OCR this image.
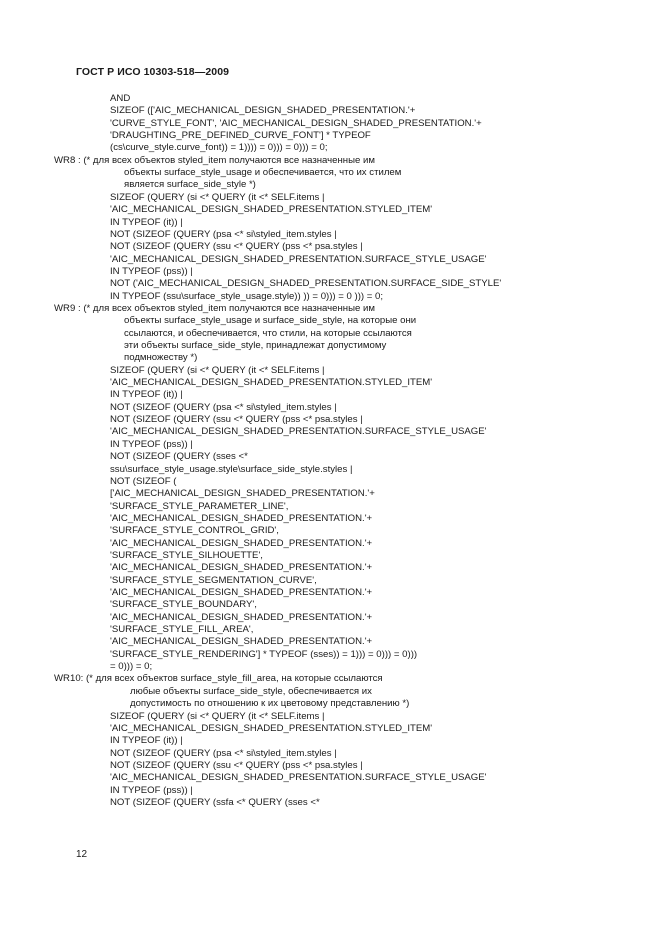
ГОСТ Р ИСО 10303-518—2009
AND
SIZEOF (['AIC_MECHANICAL_DESIGN_SHADED_PRESENTATION.'+
'CURVE_STYLE_FONT', 'AIC_MECHANICAL_DESIGN_SHADED_PRESENTATION.'+
'DRAUGHTING_PRE_DEFINED_CURVE_FONT'] * TYPEOF
(cs\curve_style.curve_font)) = 1)))) = 0))) = 0))) = 0;
WR8 : (* для всех объектов styled_item получаются все назначенные им
объекты surface_style_usage и обеспечивается, что их стилем
является surface_side_style *)
SIZEOF (QUERY (si <* QUERY (it <* SELF.items |
'AIC_MECHANICAL_DESIGN_SHADED_PRESENTATION.STYLED_ITEM'
IN TYPEOF (it)) |
NOT (SIZEOF (QUERY (psa <* si\styled_item.styles |
NOT (SIZEOF (QUERY (ssu <* QUERY (pss <* psa.styles |
'AIC_MECHANICAL_DESIGN_SHADED_PRESENTATION.SURFACE_STYLE_USAGE'
IN TYPEOF (pss)) |
NOT ('AIC_MECHANICAL_DESIGN_SHADED_PRESENTATION.SURFACE_SIDE_STYLE'
IN TYPEOF (ssu\surface_style_usage.style)) )) = 0))) = 0 ))) = 0;
WR9 : (* для всех объектов styled_item получаются все назначенные им
объекты surface_style_usage и surface_side_style, на которые они
ссылаются, и обеспечивается, что стили, на которые ссылаются
эти объекты surface_side_style, принадлежат допустимому
подмножеству *)
SIZEOF (QUERY (si <* QUERY (it <* SELF.items |
'AIC_MECHANICAL_DESIGN_SHADED_PRESENTATION.STYLED_ITEM'
IN TYPEOF (it)) |
NOT (SIZEOF (QUERY (psa <* si\styled_item.styles |
NOT (SIZEOF (QUERY (ssu <* QUERY (pss <* psa.styles |
'AIC_MECHANICAL_DESIGN_SHADED_PRESENTATION.SURFACE_STYLE_USAGE'
IN TYPEOF (pss)) |
NOT (SIZEOF (QUERY (sses <*
ssu\surface_style_usage.style\surface_side_style.styles |
NOT (SIZEOF (
['AIC_MECHANICAL_DESIGN_SHADED_PRESENTATION.'+
'SURFACE_STYLE_PARAMETER_LINE',
'AIC_MECHANICAL_DESIGN_SHADED_PRESENTATION.'+
'SURFACE_STYLE_CONTROL_GRID',
'AIC_MECHANICAL_DESIGN_SHADED_PRESENTATION.'+
'SURFACE_STYLE_SILHOUETTE',
'AIC_MECHANICAL_DESIGN_SHADED_PRESENTATION.'+
'SURFACE_STYLE_SEGMENTATION_CURVE',
'AIC_MECHANICAL_DESIGN_SHADED_PRESENTATION.'+
'SURFACE_STYLE_BOUNDARY',
'AIC_MECHANICAL_DESIGN_SHADED_PRESENTATION.'+
'SURFACE_STYLE_FILL_AREA',
'AIC_MECHANICAL_DESIGN_SHADED_PRESENTATION.'+
'SURFACE_STYLE_RENDERING'] * TYPEOF (sses)) = 1))) = 0))) = 0)))
= 0))) = 0;
WR10: (* для всех объектов surface_style_fill_area, на которые ссылаются
любые объекты surface_side_style, обеспечивается их
допустимость по отношению к их цветовому представлению *)
SIZEOF (QUERY (si <* QUERY (it <* SELF.items |
'AIC_MECHANICAL_DESIGN_SHADED_PRESENTATION.STYLED_ITEM'
IN TYPEOF (it)) |
NOT (SIZEOF (QUERY (psa <* si\styled_item.styles |
NOT (SIZEOF (QUERY (ssu <* QUERY (pss <* psa.styles |
'AIC_MECHANICAL_DESIGN_SHADED_PRESENTATION.SURFACE_STYLE_USAGE'
IN TYPEOF (pss)) |
NOT (SIZEOF (QUERY (ssfa <* QUERY (sses <*
12
